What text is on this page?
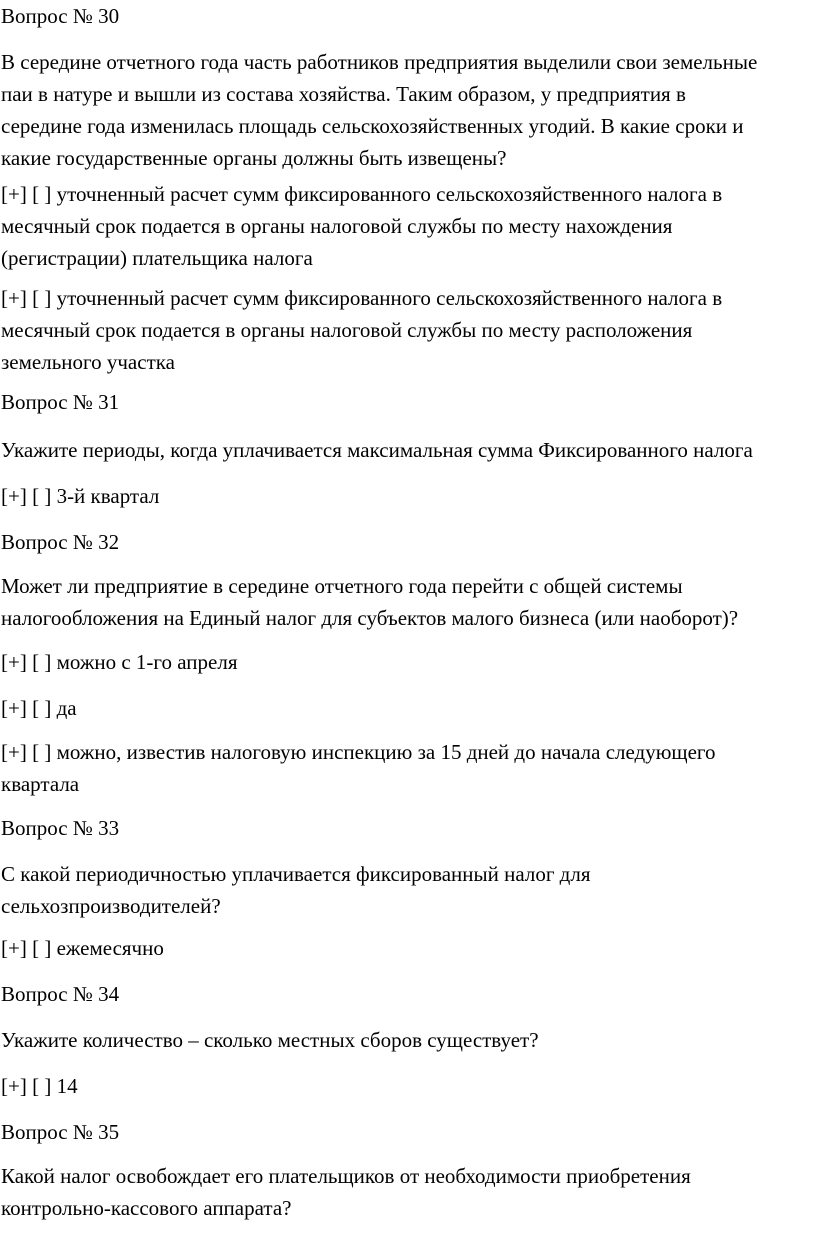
Вопрос № 30

В середине отчетного года часть работников предприятия выделили свои земельные
паи в натуре и вышли из состава хозяйства. Таким образом, у предприятия в
середине года изменилась площадь сельскохозяйственных угодий. В какие сроки и
какие государственные органы должны быть извещены?

[+] [ ] уточненный расчет сумм фиксированного сельскохозяйственного налога в
месячный срок подается в органы налоговой службы по месту нахождения
(регистрации) плательщика налога

[+] [ ] уточненный расчет сумм фиксированного сельскохозяйственного налога в
месячный срок подается в органы налоговой службы по месту расположения
земельного участка

Вопрос № 31

Укажите периоды, когда уплачивается максимальная сумма Фиксированного налога

[+] [ ] 3-й квартал

Вопрос № 32

Может ли предприятие в середине отчетного года перейти с общей системы
налогообложения на Единый налог для субъектов малого бизнеса (или наоборот)?

[+] [ ] можно с 1-го апреля

[+] [ ] да

[+] [ ] можно, известив налоговую инспекцию за 15 дней до начала следующего
квартала

Вопрос № 33

С какой периодичностью уплачивается фиксированный налог для
сельхозпроизводителей?

[+] [ ] ежемесячно

Вопрос № 34

Укажите количество – сколько местных сборов существует?

[+] [ ] 14

Вопрос № 35

Какой налог освобождает его плательщиков от необходимости приобретения
контрольно-кассового аппарата?
